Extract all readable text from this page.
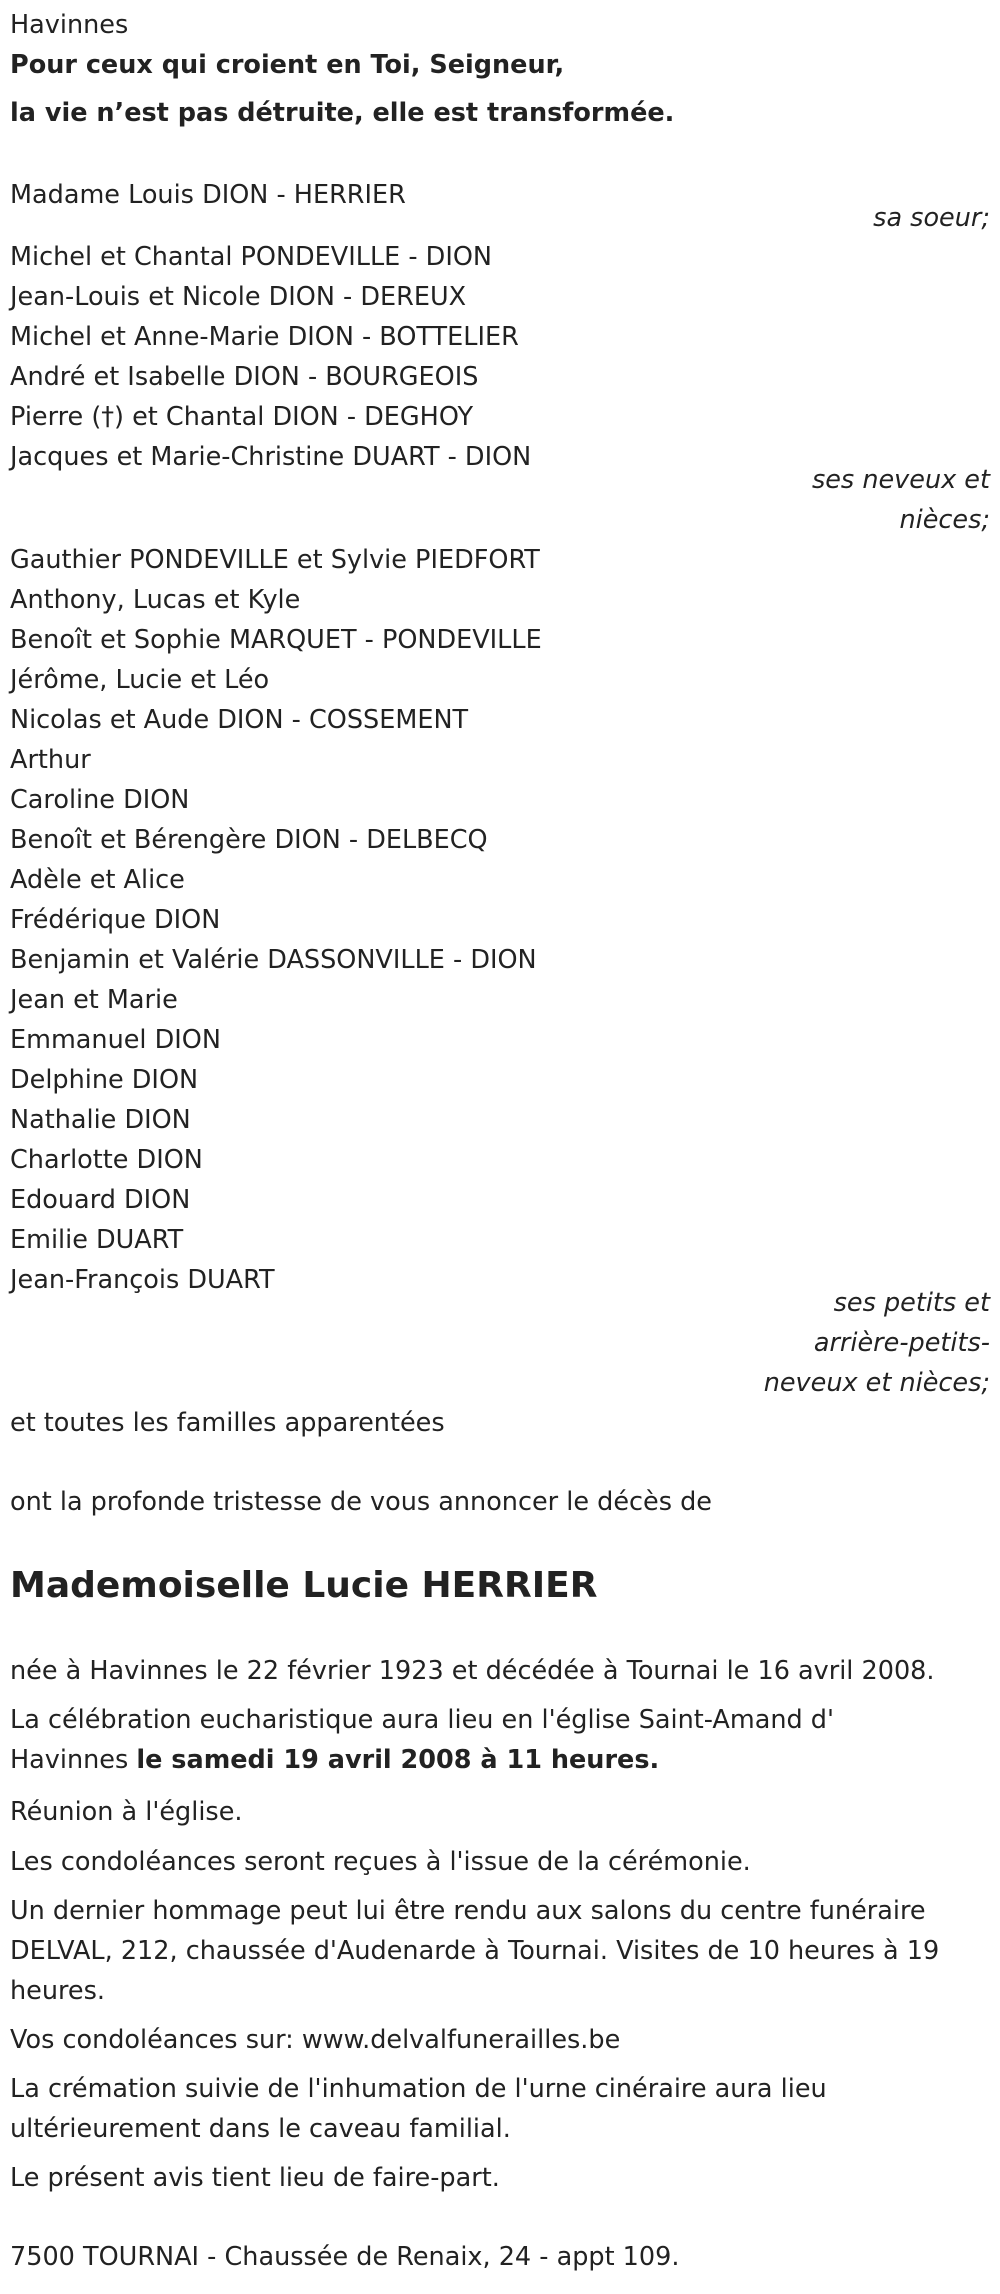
Havinnes
Pour ceux qui croient en Toi, Seigneur,
la vie n’est pas détruite, elle est transformée.
Madame Louis DION - HERRIER
sa soeur;
Michel et Chantal PONDEVILLE - DION
Jean-Louis et Nicole DION - DEREUX
Michel et Anne-Marie DION - BOTTELIER
André et Isabelle DION - BOURGEOIS
Pierre (†) et Chantal DION - DEGHOY
Jacques et Marie-Christine DUART - DION
ses neveux et
nièces;
Gauthier PONDEVILLE et Sylvie PIEDFORT
Anthony, Lucas et Kyle
Benoît et Sophie MARQUET - PONDEVILLE
Jérôme, Lucie et Léo
Nicolas et Aude DION - COSSEMENT
Arthur
Caroline DION
Benoît et Bérengère DION - DELBECQ
Adèle et Alice
Frédérique DION
Benjamin et Valérie DASSONVILLE - DION
Jean et Marie
Emmanuel DION
Delphine DION
Nathalie DION
Charlotte DION
Edouard DION
Emilie DUART
Jean-François DUART
ses petits et
arrière-petits-
neveux et nièces;
et toutes les familles apparentées
ont la profonde tristesse de vous annoncer le décès de
Mademoiselle Lucie HERRIER
née à Havinnes le 22 février 1923 et décédée à Tournai le 16 avril 2008.
La célébration eucharistique aura lieu en l'église Saint-Amand d' Havinnes le samedi 19 avril 2008 à 11 heures.
Réunion à l'église.
Les condoléances seront reçues à l'issue de la cérémonie.
Un dernier hommage peut lui être rendu aux salons du centre funéraire DELVAL, 212, chaussée d'Audenarde à Tournai. Visites de 10 heures à 19 heures.
Vos condoléances sur: www.delvalfunerailles.be
La crémation suivie de l'inhumation de l'urne cinéraire aura lieu ultérieurement dans le caveau familial.
Le présent avis tient lieu de faire-part.
7500 TOURNAI - Chaussée de Renaix, 24 - appt 109.
